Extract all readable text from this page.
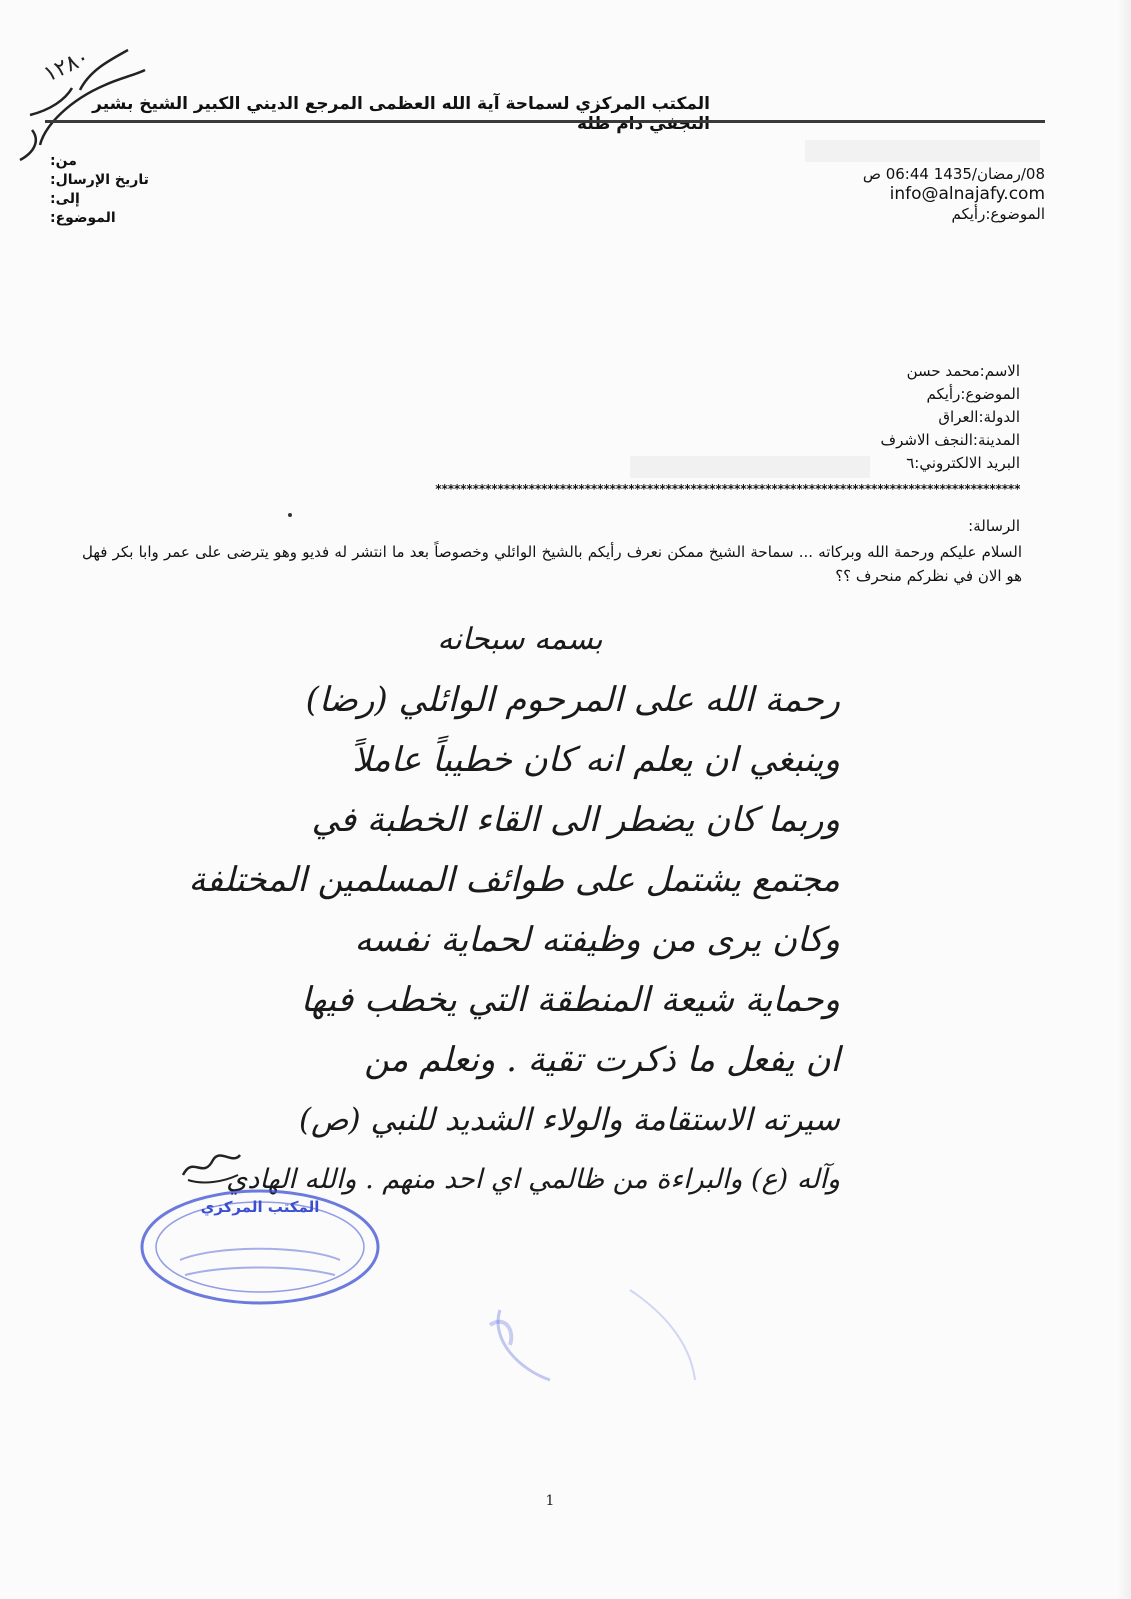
١٢٨٠
المكتب المركزي لسماحة آية الله العظمى المرجع الديني الكبير الشيخ بشير النجفي دام ظله
من:
تاريخ الإرسال:
إلى:
الموضوع:
08/رمضان/1435 06:44 ص
info@alnajafy.com
الموضوع:رأيكم
الاسم:محمد حسن
الموضوع:رأيكم
الدولة:العراق
المدينة:النجف الاشرف
البريد الالكتروني:٦
**********************************************************************************************
الرسالة:
السلام عليكم ورحمة الله وبركاته ... سماحة الشيخ ممكن نعرف رأيكم بالشيخ الوائلي وخصوصاً بعد ما انتشر له فديو وهو يترضى على عمر وابا بكر فهل هو الان في نظركم منحرف ؟؟
بسمه سبحانه
رحمة الله على المرحوم الوائلي (رضا)
وينبغي ان يعلم انه كان خطيباً عاملاً
وربما كان يضطر الى القاء الخطبة في
مجتمع يشتمل على طوائف المسلمين المختلفة
وكان يرى من وظيفته لحماية نفسه
وحماية شيعة المنطقة التي يخطب فيها
ان يفعل ما ذكرت تقية . ونعلم من
سيرته الاستقامة والولاء الشديد للنبي (ص)
وآله (ع) والبراءة من ظالمي اي احد منهم . والله الهادي
المكتب المركزي
1
